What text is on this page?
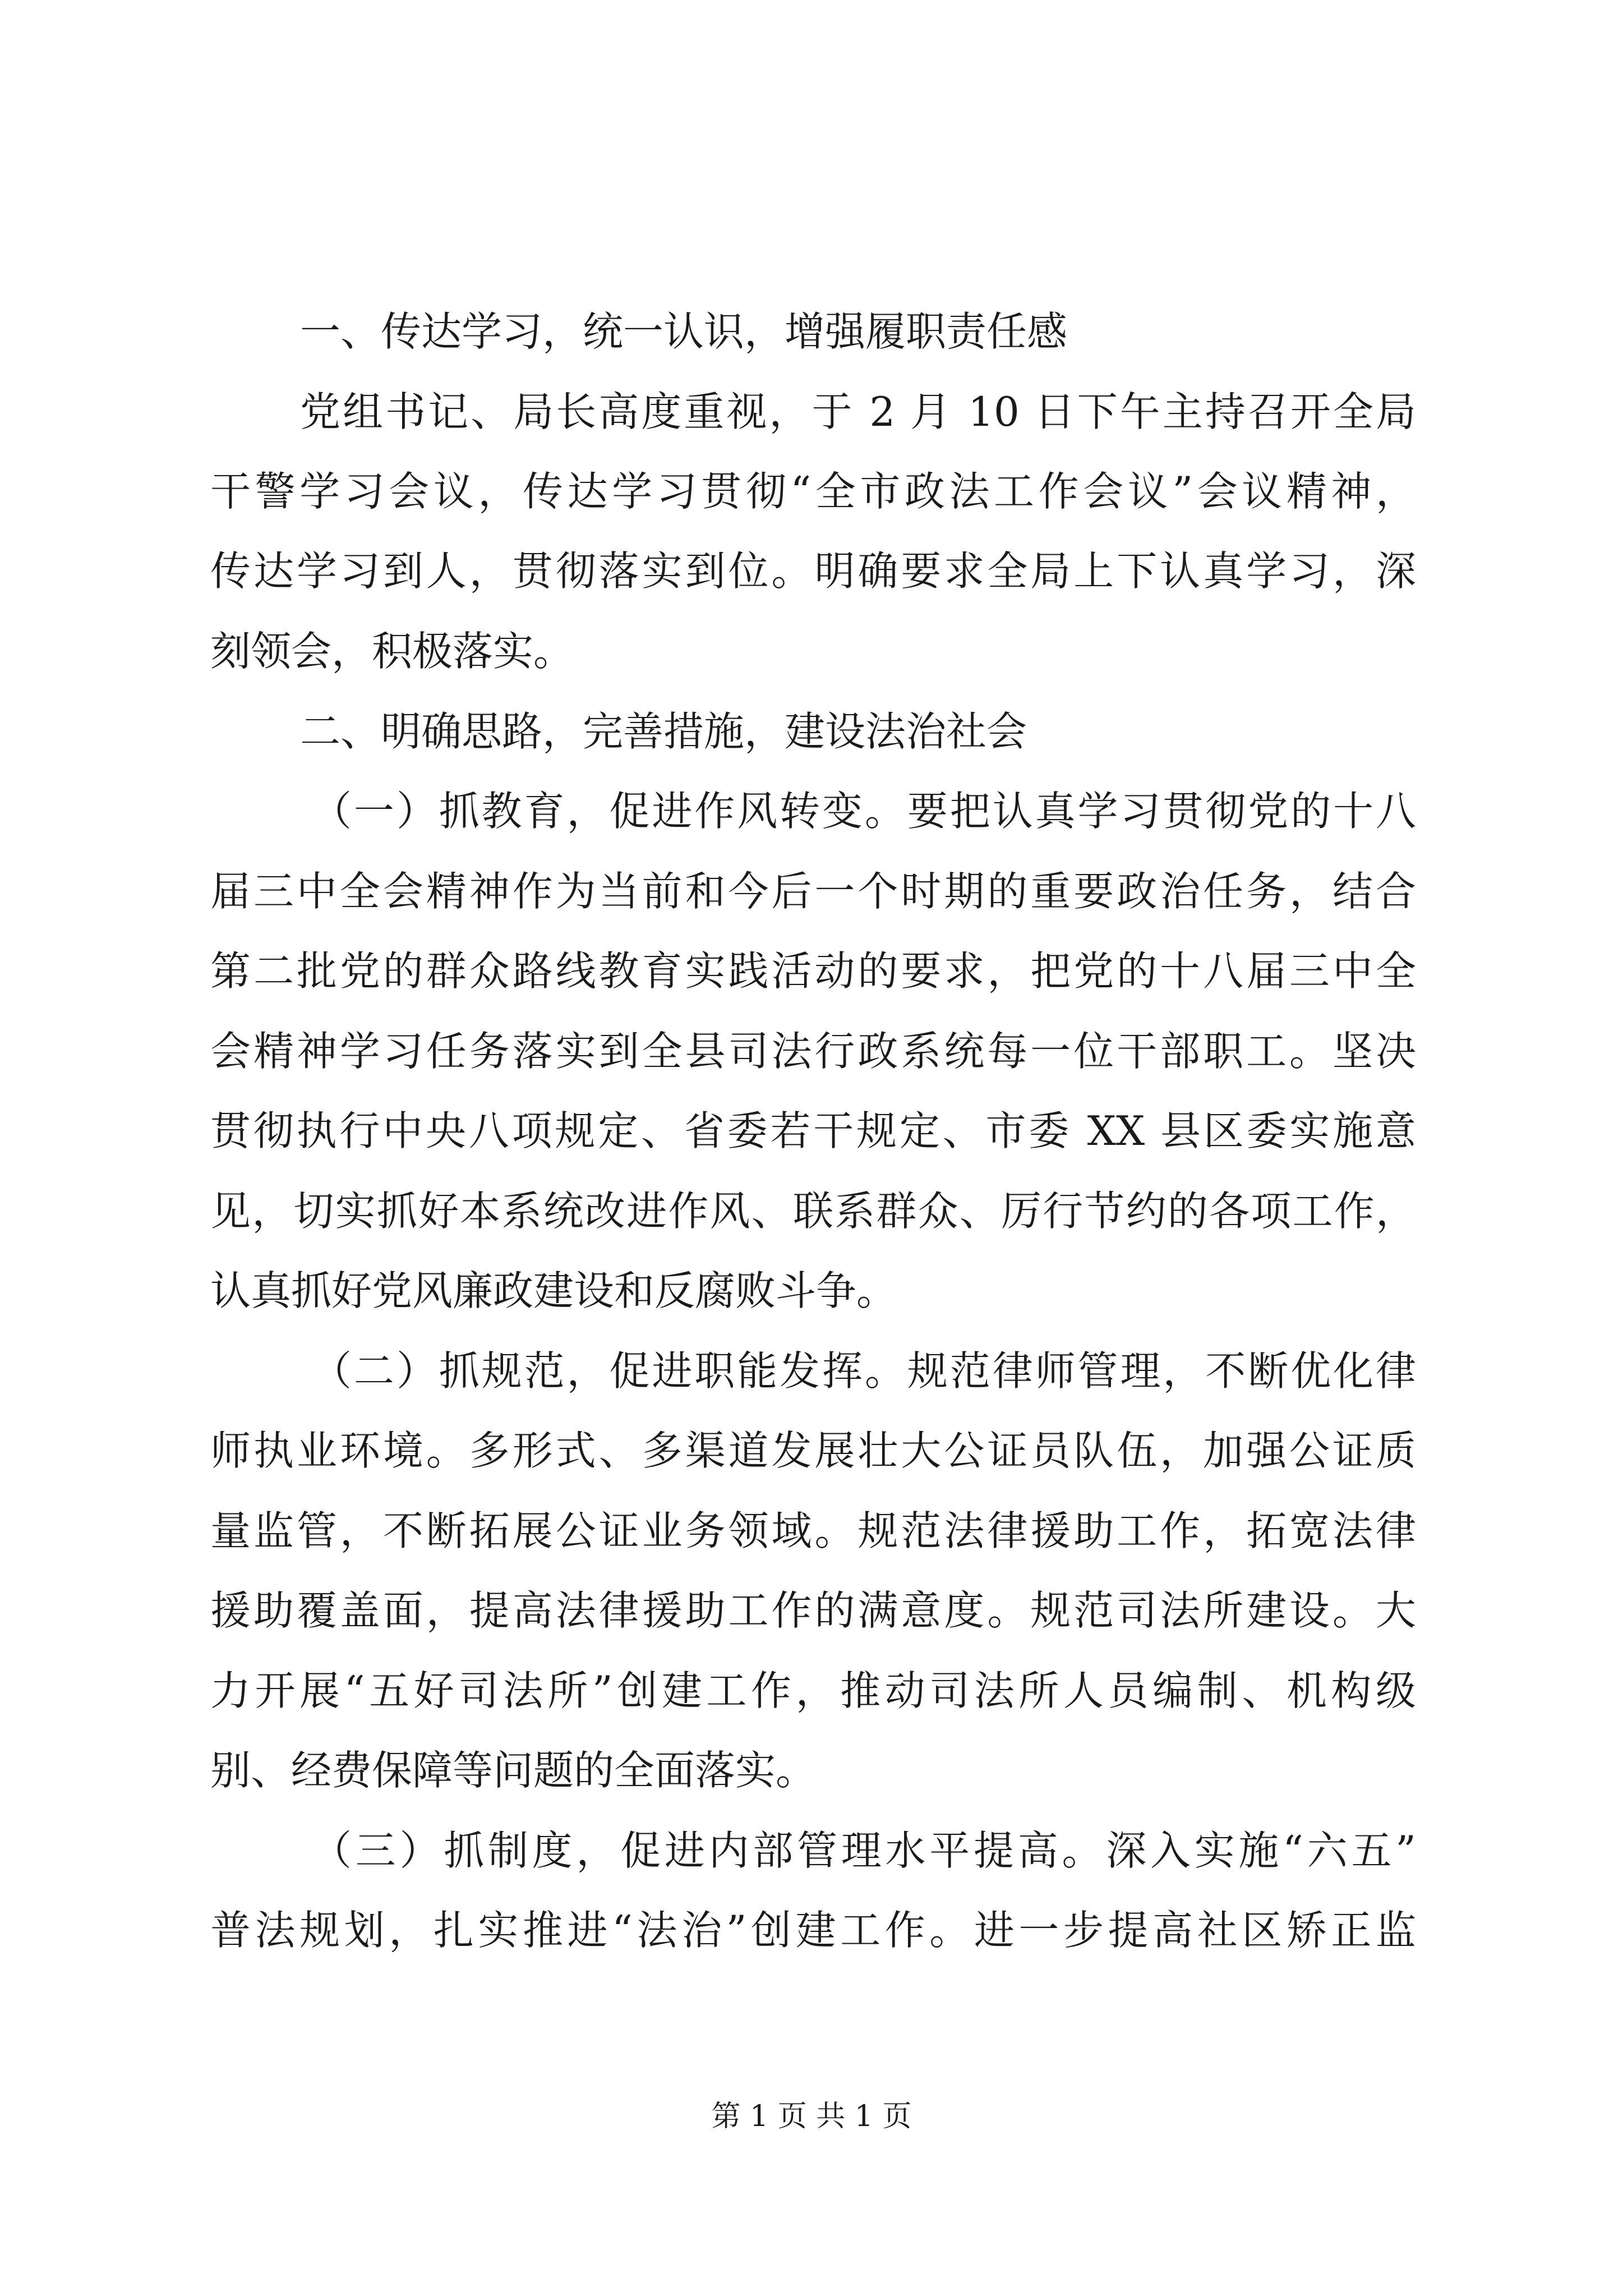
一、传达学习，统一认识，增强履职责任感
党组书记、局长高度重视，于 2 月 10 日下午主持召开全局
干警学习会议，传达学习贯彻“全市政法工作会议”会议精神，
传达学习到人，贯彻落实到位。明确要求全局上下认真学习，深
刻领会，积极落实。
二、明确思路，完善措施，建设法治社会
（一）抓教育，促进作风转变。要把认真学习贯彻党的十八
届三中全会精神作为当前和今后一个时期的重要政治任务，结合
第二批党的群众路线教育实践活动的要求，把党的十八届三中全
会精神学习任务落实到全县司法行政系统每一位干部职工。坚决
贯彻执行中央八项规定、省委若干规定、市委 XX 县区委实施意
见，切实抓好本系统改进作风、联系群众、厉行节约的各项工作，
认真抓好党风廉政建设和反腐败斗争。
（二）抓规范，促进职能发挥。规范律师管理，不断优化律
师执业环境。多形式、多渠道发展壮大公证员队伍，加强公证质
量监管，不断拓展公证业务领域。规范法律援助工作，拓宽法律
援助覆盖面，提高法律援助工作的满意度。规范司法所建设。大
力开展“五好司法所”创建工作，推动司法所人员编制、机构级
别、经费保障等问题的全面落实。
（三）抓制度，促进内部管理水平提高。深入实施“六五”
普法规划，扎实推进“法治”创建工作。进一步提高社区矫正监
第 1 页 共 1 页
